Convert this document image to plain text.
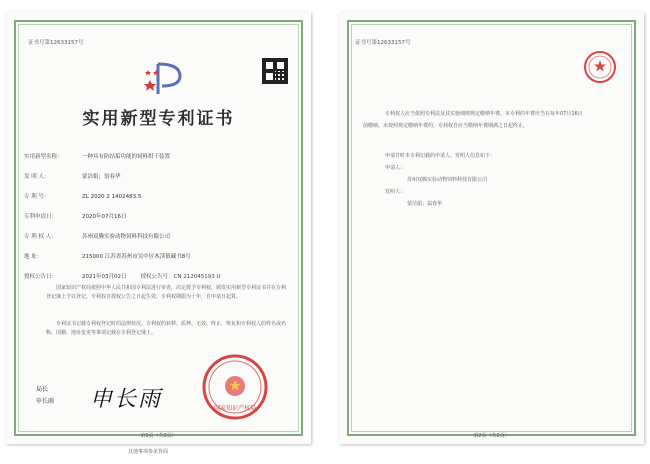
证书号第12633157号
实用新型专利证书
实用新型名称：	一种具有防结垢功能的饲料烘干装置
发 明 人：	蒙洁娟；翁春华
专 利 号：	ZL 2020 2 1402483.5
专利申请日：	2020年07月16日
专 利 权 人：	苏州双腾实验动物饲料科技有限公司
地 址：	215000 江苏省苏州市吴中区木渎镇藏书8号
授权公告日：	2021年03月02日	授权公告号：CN 212045193 U
国家知识产权局依照中华人民共和国专利法进行审查，决定授予专利权，颁发实用新型专利证书并在专利登记簿上予以登记。专利权自授权公告之日起生效。专利权期限为十年，自申请日起算。
专利证书记载专利权登记时的法律状况。专利权的转移、质押、无效、终止、恢复和专利权人的姓名或名称、国籍、地址变更等事项记载在专利登记簿上。
局长
申长雨 申长雨	国家知识产权局
第1页（共2页）
其他事项参见背面
证书号第12633157号
专利权人应当依照专利法及其实施细则规定缴纳年费。本专利的年费应当在每年07月16日
前缴纳。未按照规定缴纳年费的，专利权自应当缴纳年费期满之日起终止。
申请日时本专利记载的申请人、发明人信息如下：
申请人：
苏州双腾实验动物饲料科技有限公司
发明人：
蒙洁娟；翁春华
第2页（共2页）
